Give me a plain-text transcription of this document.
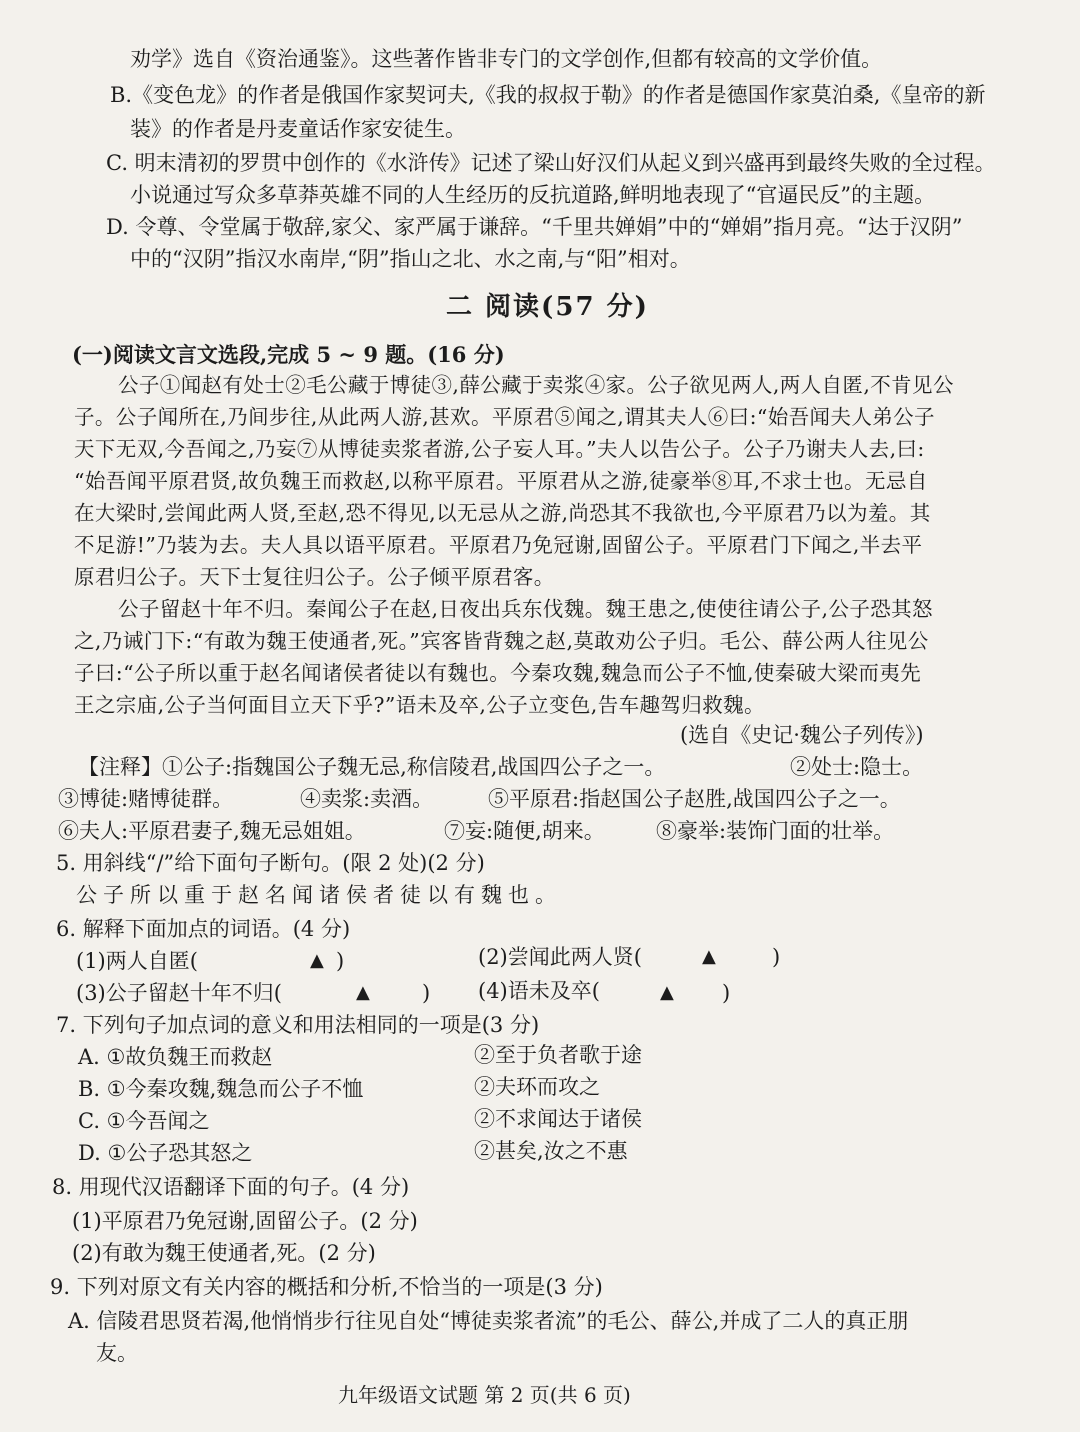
劝学》选自《资治通鉴》。这些著作皆非专门的文学创作,但都有较高的文学价值。
B.《变色龙》的作者是俄国作家契诃夫,《我的叔叔于勒》的作者是德国作家莫泊桑,《皇帝的新
装》的作者是丹麦童话作家安徒生。
C. 明末清初的罗贯中创作的《水浒传》记述了梁山好汉们从起义到兴盛再到最终失败的全过程。
小说通过写众多草莽英雄不同的人生经历的反抗道路,鲜明地表现了“官逼民反”的主题。
D. 令尊、令堂属于敬辞,家父、家严属于谦辞。“千里共婵娟”中的“婵娟”指月亮。“达于汉阴”
中的“汉阴”指汉水南岸,“阴”指山之北、水之南,与“阳”相对。
二 阅读(57 分)
(一)阅读文言文选段,完成 5 ~ 9 题。(16 分)
公子①闻赵有处士②毛公藏于博徒③,薛公藏于卖浆④家。公子欲见两人,两人自匿,不肯见公
子。公子闻所在,乃间步往,从此两人游,甚欢。平原君⑤闻之,谓其夫人⑥曰:“始吾闻夫人弟公子
天下无双,今吾闻之,乃妄⑦从博徒卖浆者游,公子妄人耳。”夫人以告公子。公子乃谢夫人去,曰:
“始吾闻平原君贤,故负魏王而救赵,以称平原君。平原君从之游,徒豪举⑧耳,不求士也。无忌自
在大梁时,尝闻此两人贤,至赵,恐不得见,以无忌从之游,尚恐其不我欲也,今平原君乃以为羞。其
不足游!”乃装为去。夫人具以语平原君。平原君乃免冠谢,固留公子。平原君门下闻之,半去平
原君归公子。天下士复往归公子。公子倾平原君客。
公子留赵十年不归。秦闻公子在赵,日夜出兵东伐魏。魏王患之,使使往请公子,公子恐其怒
之,乃诫门下:“有敢为魏王使通者,死。”宾客皆背魏之赵,莫敢劝公子归。毛公、薛公两人往见公
子曰:“公子所以重于赵名闻诸侯者徒以有魏也。今秦攻魏,魏急而公子不恤,使秦破大梁而夷先
王之宗庙,公子当何面目立天下乎?”语未及卒,公子立变色,告车趣驾归救魏。
(选自《史记·魏公子列传》)
【注释】①公子:指魏国公子魏无忌,称信陵君,战国四公子之一。	②处士:隐士。
③博徒:赌博徒群。	④卖浆:卖酒。	⑤平原君:指赵国公子赵胜,战国四公子之一。
⑥夫人:平原君妻子,魏无忌姐姐。	⑦妄:随便,胡来。 ⑧豪举:装饰门面的壮举。
5. 用斜线“/”给下面句子断句。(限 2 处)(2 分)
公子所以重于赵名闻诸侯者徒以有魏也。
6. 解释下面加点的词语。(4 分)
(1)两人自匿(	▲ )	(2)尝闻此两人贤(	▲	)
(3)公子留赵十年不归(	▲ ) (4)语未及卒(	▲ )
7. 下列句子加点词的意义和用法相同的一项是(3 分)
A. ①故负魏王而救赵	②至于负者歌于途
B. ①今秦攻魏,魏急而公子不恤	②夫环而攻之
C. ①今吾闻之	②不求闻达于诸侯
D. ①公子恐其怒之	②甚矣,汝之不惠
8. 用现代汉语翻译下面的句子。(4 分)
(1)平原君乃免冠谢,固留公子。(2 分)
(2)有敢为魏王使通者,死。(2 分)
9. 下列对原文有关内容的概括和分析,不恰当的一项是(3 分)
A. 信陵君思贤若渴,他悄悄步行往见自处“博徒卖浆者流”的毛公、薛公,并成了二人的真正朋
友。
九年级语文试题 第 2 页(共 6 页)
